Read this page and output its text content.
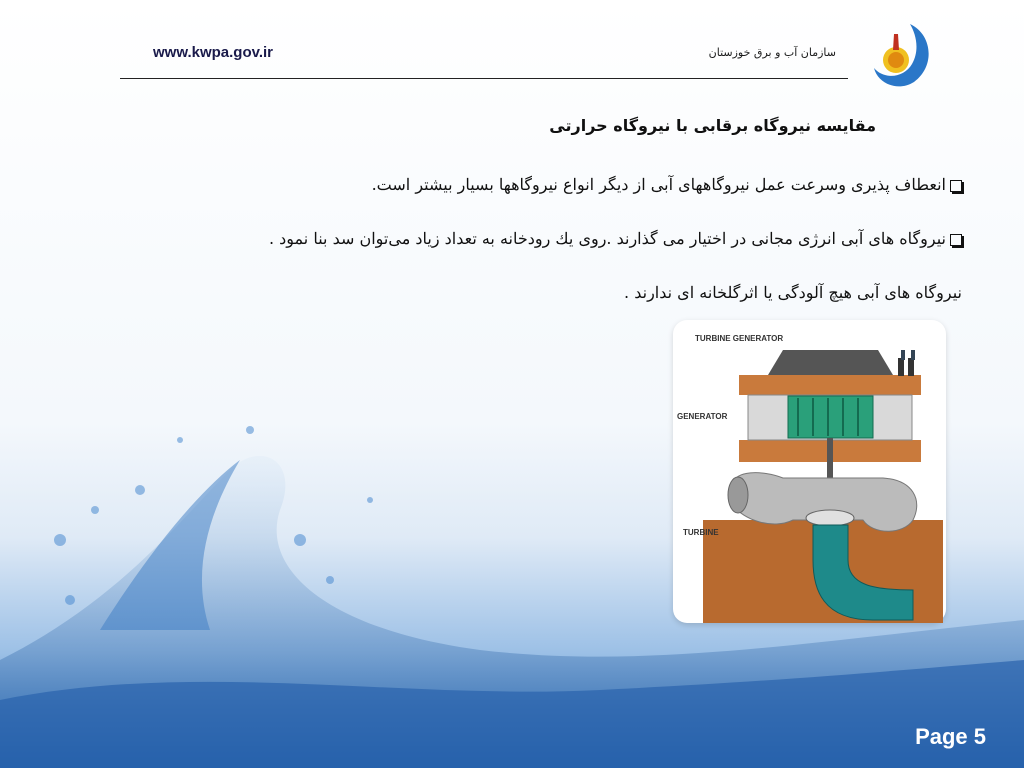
www.kwpa.gov.ir	سازمان آب و برق خوزستان
مقايسه نيروگاه برقابی با نيروگاه حرارتی
انعطاف پذيری وسرعت عمل نيروگاههای آبی از ديگر انواع نيروگاهها بسيار بيشتر است.
نيروگاه های آبی انرژی مجانی در اختيار می گذارند .روی يك رودخانه به تعداد زياد می‌توان سد بنا نمود .
نيروگاه های آبی هيچ آلودگی يا اثرگلخانه ای ندارند .
TURBINE GENERATOR
GENERATOR
TURBINE
Page 5
